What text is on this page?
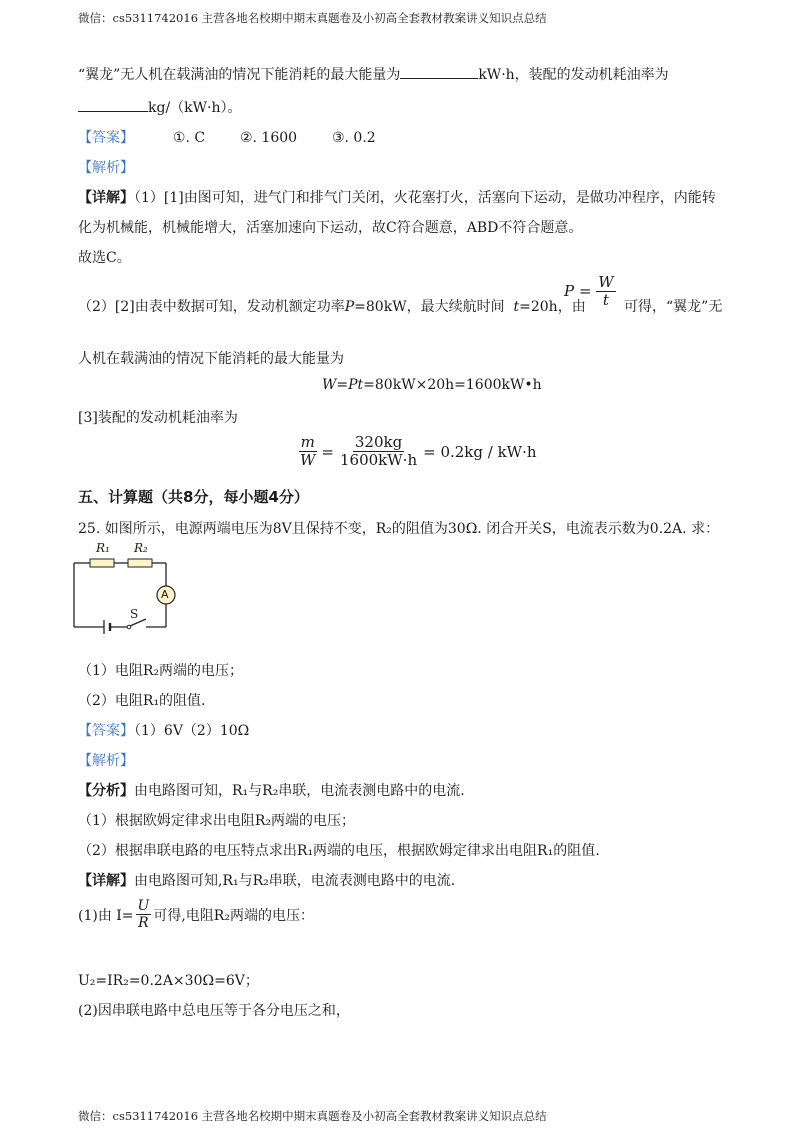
微信：cs5311742016 主营各地名校期中期末真题卷及小初高全套教材教案讲义知识点总结
“翼龙”无人机在载满油的情况下能消耗的最大能量为	kW·h，装配的发动机耗油率为
kg/（kW·h）。
【答案】	①. C ②. 1600 ③. 0.2
【解析】
【详解】（1）[1]由图可知，进气门和排气门关闭，火花塞打火，活塞向下运动，是做功冲程序，内能转
化为机械能，机械能增大，活塞加速向下运动，故C符合题意，ABD不符合题意。
故选C。
（2）[2]由表中数据可知，发动机额定功率P=80kW，最大续航时间 t=20h，由
$P = \frac{W}{t}$ 可得，“翼龙”无
人机在载满油的情况下能消耗的最大能量为
W=Pt=80kW×20h=1600kW•h
[3]装配的发动机耗油率为
$\frac{m}{W} = \frac{320kg}{1600kW\cdot h} = 0.2kg / kW\cdot h$
五、计算题（共8分，每小题4分）
25. 如图所示，电源两端电压为8V且保持不变，R₂的阻值为30Ω. 闭合开关S，电流表示数为0.2A. 求：
R₁ R₂
A
S
（1）电阻R₂两端的电压；
（2）电阻R₁的阻值.
【答案】（1）6V（2）10Ω
【解析】
【分析】由电路图可知，R₁与R₂串联，电流表测电路中的电流.
（1）根据欧姆定律求出电阻R₂两端的电压；
（2）根据串联电路的电压特点求出R₁两端的电压，根据欧姆定律求出电阻R₁的阻值.
【详解】由电路图可知,R₁与R₂串联，电流表测电路中的电流.
(1)由 $I= \frac{U}{R}$ 可得,电阻R₂两端的电压：
U₂=IR₂=0.2A×30Ω=6V；
(2)因串联电路中总电压等于各分电压之和，
微信：cs5311742016 主营各地名校期中期末真题卷及小初高全套教材教案讲义知识点总结
